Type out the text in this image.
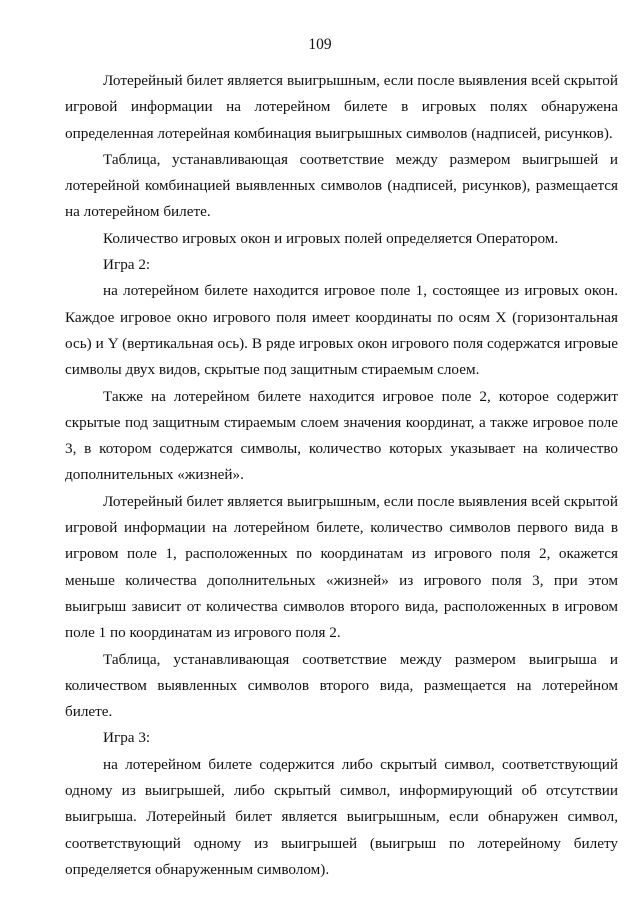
109

Лотерейный билет является выигрышным, если после выявления всей скрытой игровой информации на лотерейном билете в игровых полях обнаружена определенная лотерейная комбинация выигрышных символов (надписей, рисунков).

Таблица, устанавливающая соответствие между размером выигрышей и лотерейной комбинацией выявленных символов (надписей, рисунков), размещается на лотерейном билете.

Количество игровых окон и игровых полей определяется Оператором.

Игра 2:

на лотерейном билете находится игровое поле 1, состоящее из игровых окон. Каждое игровое окно игрового поля имеет координаты по осям X (горизонтальная ось) и Y (вертикальная ось). В ряде игровых окон игрового поля содержатся игровые символы двух видов, скрытые под защитным стираемым слоем.

Также на лотерейном билете находится игровое поле 2, которое содержит скрытые под защитным стираемым слоем значения координат, а также игровое поле 3, в котором содержатся символы, количество которых указывает на количество дополнительных «жизней».

Лотерейный билет является выигрышным, если после выявления всей скрытой игровой информации на лотерейном билете, количество символов первого вида в игровом поле 1, расположенных по координатам из игрового поля 2, окажется меньше количества дополнительных «жизней» из игрового поля 3, при этом выигрыш зависит от количества символов второго вида, расположенных в игровом поле 1 по координатам из игрового поля 2.

Таблица, устанавливающая соответствие между размером выигрыша и количеством выявленных символов второго вида, размещается на лотерейном билете.

Игра 3:

на лотерейном билете содержится либо скрытый символ, соответствующий одному из выигрышей, либо скрытый символ, информирующий об отсутствии выигрыша. Лотерейный билет является выигрышным, если обнаружен символ, соответствующий одному из выигрышей (выигрыш по лотерейному билету определяется обнаруженным символом).
